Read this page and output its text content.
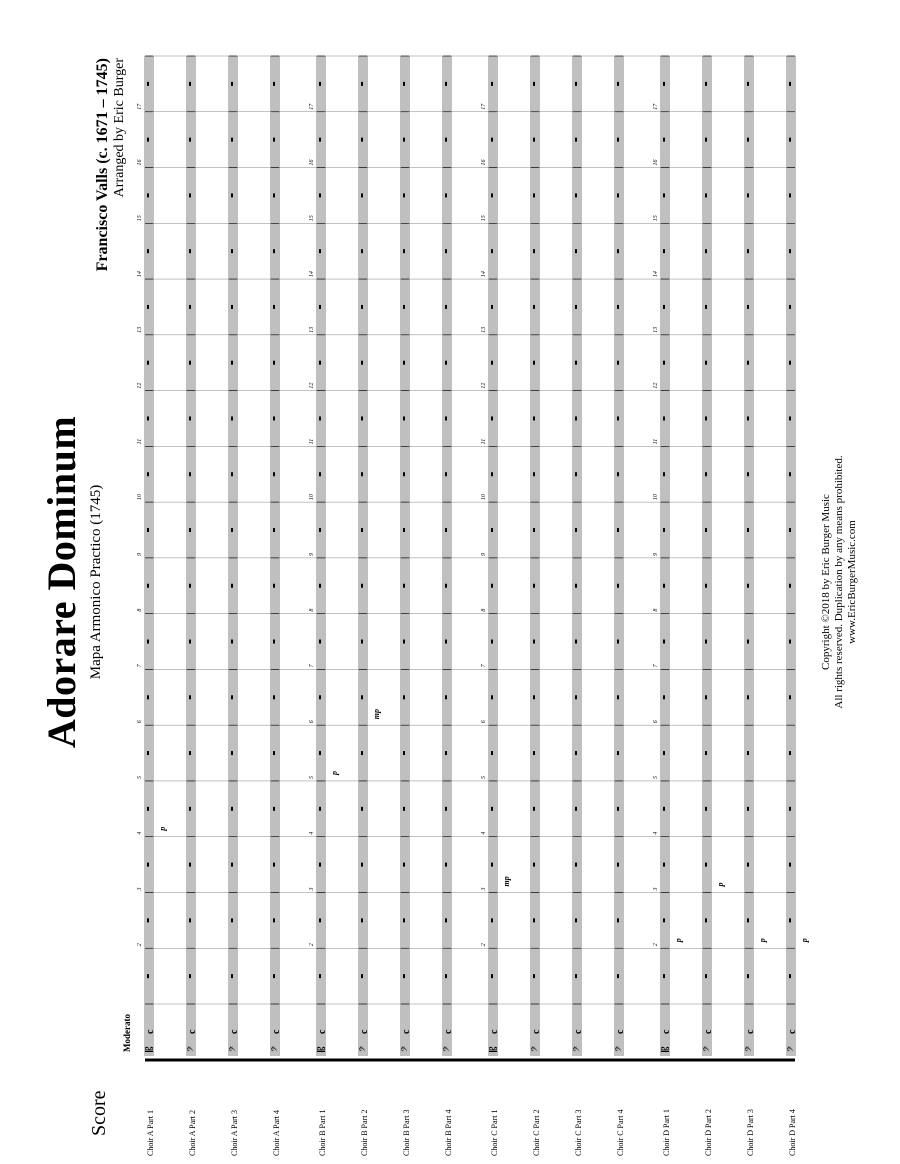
Score
Adorare Dominum Mapa Armonico Practico (1745)
Francisco Valls (c. 1671 – 1745) Arranged by Eric Burger
Moderato 𝄡
c
𝄢
c
𝄢
c
𝄢
c
𝄡
c
𝄢
c
𝄢
c
𝄢
c
𝄡
c
𝄢
c
𝄢
c
𝄢
c
𝄡
c
𝄢
c
𝄢
c
𝄢
c
2
3
4
5
6
7
8
9
10
11
12
13
14
15
16
17
2
3
4
5
6
7
8
9
10
11
12
13
14
15
16
17
2
3
4
5
6
7
8
9
10
11
12
13
14
15
16
17
2
3
4
5
6
7
8
9
10
11
12
13
14
15
16
17
p
p
mp
mp
p
p
p	p
Choir A Part 1	Choir A Part 2	Choir A Part 3	Choir A Part 4	Choir B Part 1	Choir B Part 2	Choir B Part 3	Choir B Part 4	Choir C Part 1	Choir C Part 2	Choir C Part 3	Choir C Part 4	Choir D Part 1	Choir D Part 2	Choir D Part 3	Choir D Part 4
Copyright ©2018 by Eric Burger Music All rights reserved. Duplication by any means prohibited. www.EricBurgerMusic.com
